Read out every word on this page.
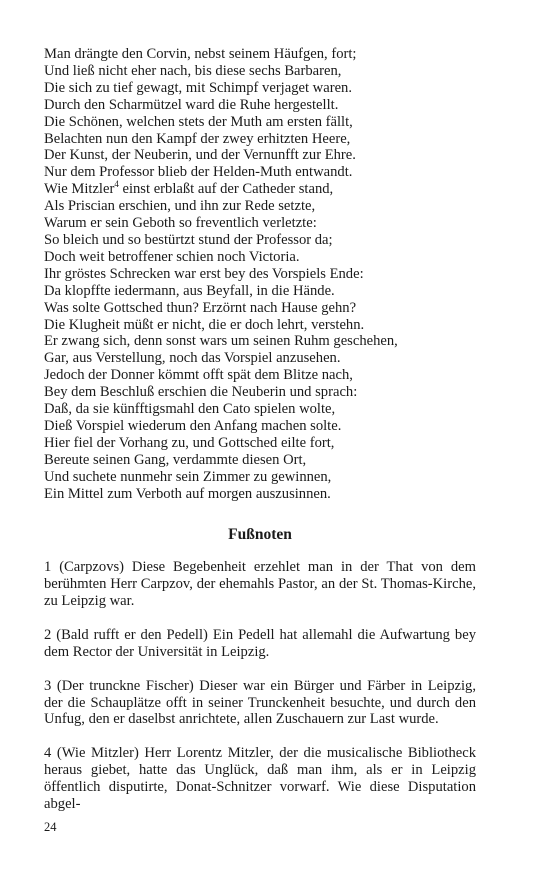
Man drängte den Corvin, nebst seinem Häufgen, fort;
Und ließ nicht eher nach, bis diese sechs Barbaren,
Die sich zu tief gewagt, mit Schimpf verjaget waren.
Durch den Scharmützel ward die Ruhe hergestellt.
Die Schönen, welchen stets der Muth am ersten fällt,
Belachten nun den Kampf der zwey erhitzten Heere,
Der Kunst, der Neuberin, und der Vernunfft zur Ehre.
Nur dem Professor blieb der Helden-Muth entwandt.
Wie Mitzler$^4$ einst erblaßt auf der Catheder stand,
Als Priscian erschien, und ihn zur Rede setzte,
Warum er sein Geboth so freventlich verletzte:
So bleich und so bestürtzt stund der Professor da;
Doch weit betroffener schien noch Victoria.
Ihr gröstes Schrecken war erst bey des Vorspiels Ende:
Da klopffte iedermann, aus Beyfall, in die Hände.
Was solte Gottsched thun? Erzörnt nach Hause gehn?
Die Klugheit müßt er nicht, die er doch lehrt, verstehn.
Er zwang sich, denn sonst wars um seinen Ruhm geschehen,
Gar, aus Verstellung, noch das Vorspiel anzusehen.
Jedoch der Donner kömmt offt spät dem Blitze nach,
Bey dem Beschluß erschien die Neuberin und sprach:
Daß, da sie künfftigsmahl den Cato spielen wolte,
Dieß Vorspiel wiederum den Anfang machen solte.
Hier fiel der Vorhang zu, und Gottsched eilte fort,
Bereute seinen Gang, verdammte diesen Ort,
Und suchete nunmehr sein Zimmer zu gewinnen,
Ein Mittel zum Verboth auf morgen auszusinnen.
Fußnoten

1 (Carpzovs) Diese Begebenheit erzehlet man in der That von dem berühmten Herr Carpzov, der ehemahls Pastor, an der St. Thomas-Kirche, zu Leipzig war.

2 (Bald rufft er den Pedell) Ein Pedell hat allemahl die Aufwartung bey dem Rector der Universität in Leipzig.

3 (Der trunckne Fischer) Dieser war ein Bürger und Färber in Leipzig, der die Schauplätze offt in seiner Trunckenheit besuchte, und durch den Unfug, den er daselbst anrichtete, allen Zuschauern zur Last wurde.

4 (Wie Mitzler) Herr Lorentz Mitzler, der die musicalische Bibliotheck heraus giebet, hatte das Unglück, daß man ihm, als er in Leipzig öffentlich disputirte, Donat-Schnitzer vorwarf. Wie diese Disputation abgel-

24
